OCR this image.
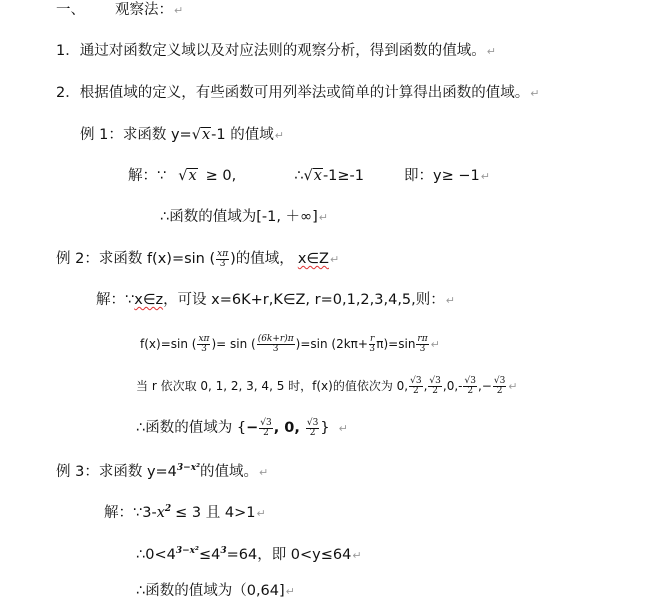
一、 观察法：↵
1．通过对函数定义域以及对应法则的观察分析，得到函数的值域。↵
2．根据值域的定义，有些函数可用列举法或简单的计算得出函数的值域。↵
例 1：求函数 y=√x-1 的值域↵
解：∵ √x ≥ 0,	∴√x-1≥-1	即：y≥ −1↵
∴函数的值域为[-1, ＋∞]↵
例 2：求函数 f(x)=sin ( $\frac{x\pi}{3}$ )的值域， x∈Z↵
解：∵x∈z，可设 x=6K+r,K∈Z, r=0,1,2,3,4,5,则：↵
f(x)=sin ( $\frac{x\pi}{3}$ )= sin ( $\frac{(6k+r)\pi}{3} )=\sin$ $(2k\pi+ \frac{r}{3} \pi)=\sin \frac{r\pi}{3}$ ↵
当 r 依次取 0, 1, 2, 3, 4, 5 时，f(x)的值依次为 0, $\frac{√3}{2}$ , $\frac{√3}{2} ,0,- \frac{√3}{2}$ ,− $\frac{√3}{2}$ ↵
∴函数的值域为 {− $\frac{√3}{2}$ , 0, $\frac{√3}{2}$ } ↵
例 3：求函数 $y=4^{3-x^2}$的值域。↵
解：$\because 3-x^2 \le 3$ 且 4>1↵
$\therefore 0<4^{3-x^2}\le 4^3=64$，即 0<y≤64↵
∴函数的值域为（0,64]↵
